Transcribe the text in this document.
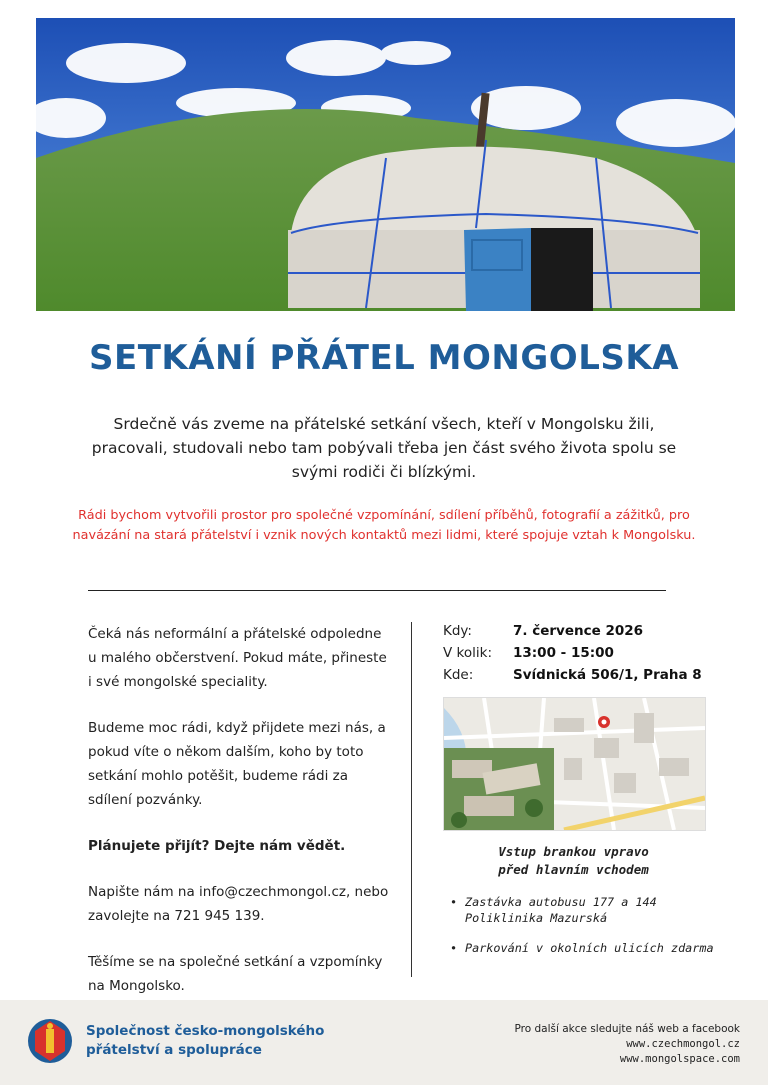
SETKÁNÍ PŘÁTEL MONGOLSKA
Srdečně vás zveme na přátelské setkání všech, kteří v Mongolsku žili, pracovali, studovali nebo tam pobývali třeba jen část svého života spolu se svými rodiči či blízkými.
Rádi bychom vytvořili prostor pro společné vzpomínání, sdílení příběhů, fotografií a zážitků, pro navázání na stará přátelství i vznik nových kontaktů mezi lidmi, které spojuje vztah k Mongolsku.

Čeká nás neformální a přátelské odpoledne u malého občerstvení. Pokud máte, přineste i své mongolské speciality.

Budeme moc rádi, když přijdete mezi nás, a pokud víte o někom dalším, koho by toto setkání mohlo potěšit, budeme rádi za sdílení pozvánky.

Plánujete přijít? Dejte nám vědět.

Napište nám na info@czechmongol.cz, nebo zavolejte na 721 945 139.

Těšíme se na společné setkání a vzpomínky na Mongolsko.

Kdy:	7. července 2026
V kolik:	13:00 - 15:00
Kde:	Svídnická 506/1, Praha 8
Vstup brankou vpravo
před hlavním vchodem
• Zastávka autobusu 177 a 144 Poliklinika Mazurská
• Parkování v okolních ulicích zdarma
Společnost česko-mongolského
přátelství a spolupráce
Pro další akce sledujte náš web a facebook
www.czechmongol.cz
www.mongolspace.com
